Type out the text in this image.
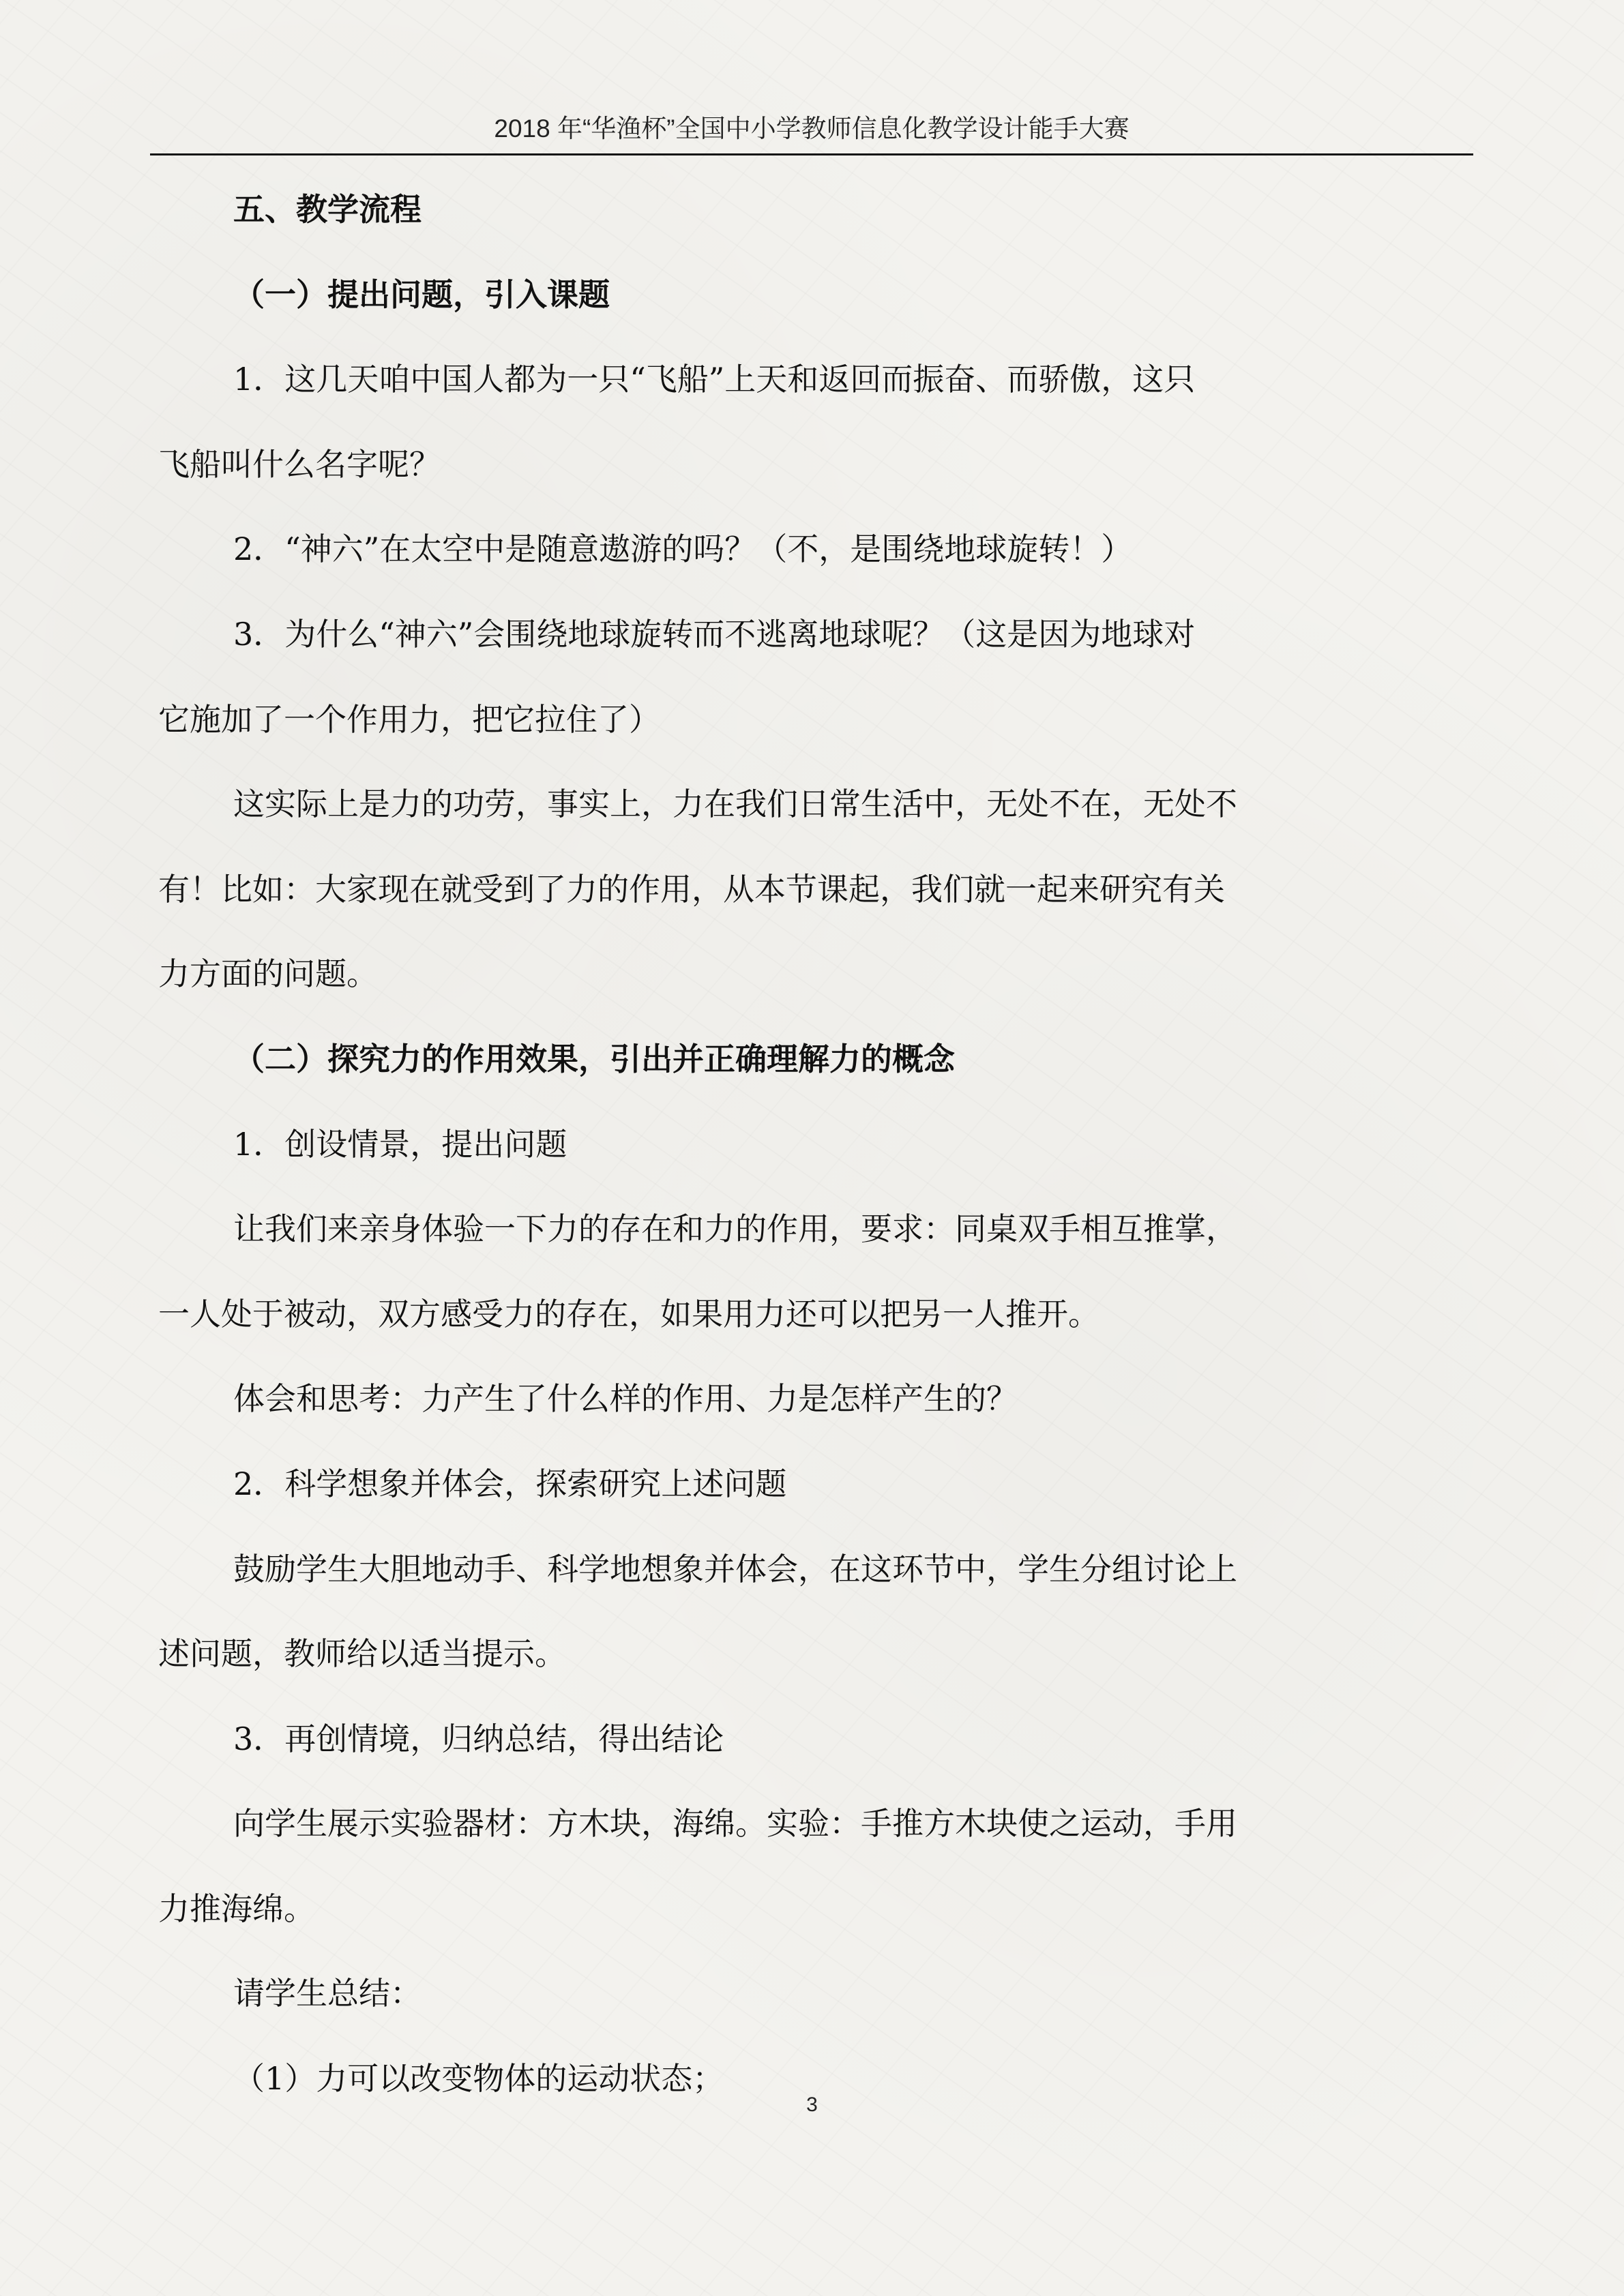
2018 年“华渔杯”全国中小学教师信息化教学设计能手大赛
五、教学流程
（一）提出问题，引入课题
1．这几天咱中国人都为一只“飞船”上天和返回而振奋、而骄傲，这只
飞船叫什么名字呢？
2．“神六”在太空中是随意遨游的吗？（不，是围绕地球旋转！）
3．为什么“神六”会围绕地球旋转而不逃离地球呢？（这是因为地球对
它施加了一个作用力，把它拉住了）
这实际上是力的功劳，事实上，力在我们日常生活中，无处不在，无处不
有！比如：大家现在就受到了力的作用，从本节课起，我们就一起来研究有关
力方面的问题。
（二）探究力的作用效果，引出并正确理解力的概念
1．创设情景，提出问题
让我们来亲身体验一下力的存在和力的作用，要求：同桌双手相互推掌，
一人处于被动，双方感受力的存在，如果用力还可以把另一人推开。
体会和思考：力产生了什么样的作用、力是怎样产生的？
2．科学想象并体会，探索研究上述问题
鼓励学生大胆地动手、科学地想象并体会，在这环节中，学生分组讨论上
述问题，教师给以适当提示。
3．再创情境，归纳总结，得出结论
向学生展示实验器材：方木块，海绵。实验：手推方木块使之运动，手用
力推海绵。
请学生总结：
（1）力可以改变物体的运动状态；
3
